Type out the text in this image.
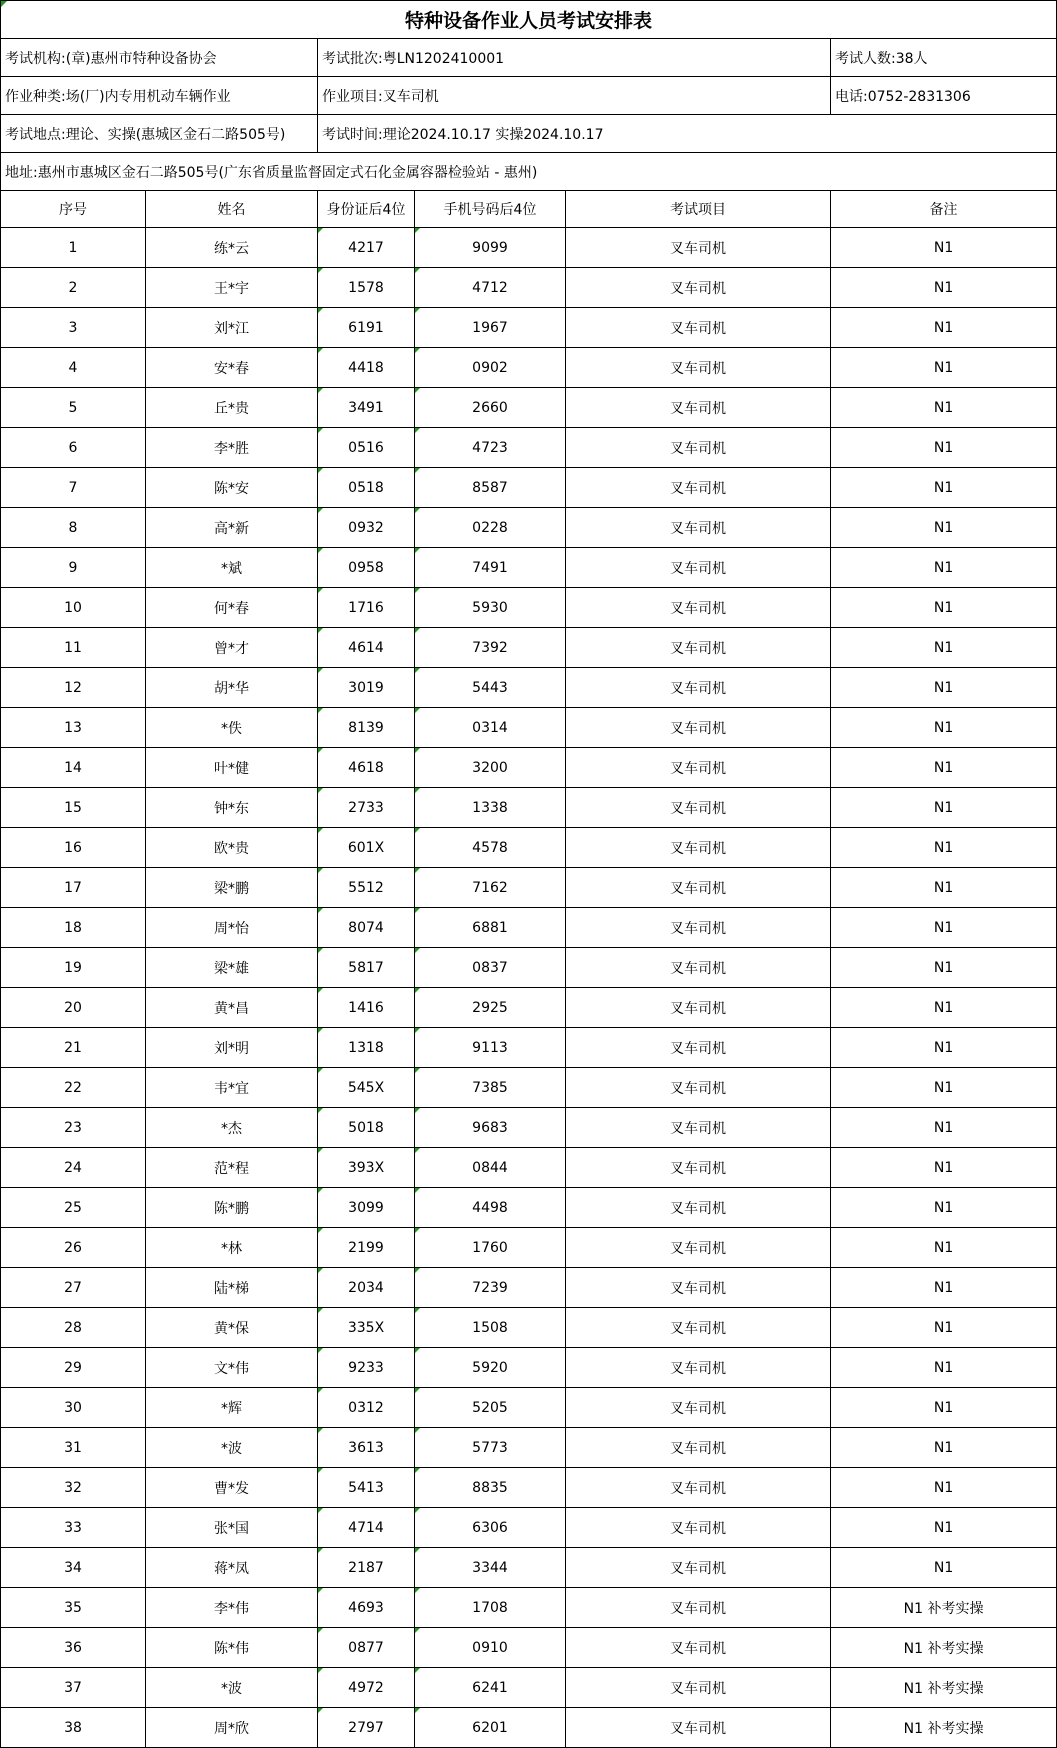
特种设备作业人员考试安排表					
考试机构:(章)惠州市特种设备协会		考试批次:粤LN1202410001			考试人数:38人
作业种类:场(厂)内专用机动车辆作业		作业项目:叉车司机			电话:0752-2831306
考试地点:理论、实操(惠城区金石二路505号)		考试时间:理论2024.10.17 实操2024.10.17			
地址:惠州市惠城区金石二路505号(广东省质量监督固定式石化金属容器检验站 - 惠州)					
序号	姓名	身份证后4位	手机号码后4位	考试项目	备注
1	练*云	4217	9099	叉车司机	N1
2	王*宇	1578	4712	叉车司机	N1
3	刘*江	6191	1967	叉车司机	N1
4	安*春	4418	0902	叉车司机	N1
5	丘*贵	3491	2660	叉车司机	N1
6	李*胜	0516	4723	叉车司机	N1
7	陈*安	0518	8587	叉车司机	N1
8	高*新	0932	0228	叉车司机	N1
9	*斌	0958	7491	叉车司机	N1
10	何*春	1716	5930	叉车司机	N1
11	曾*才	4614	7392	叉车司机	N1
12	胡*华	3019	5443	叉车司机	N1
13	*佚	8139	0314	叉车司机	N1
14	叶*健	4618	3200	叉车司机	N1
15	钟*东	2733	1338	叉车司机	N1
16	欧*贵	601X	4578	叉车司机	N1
17	梁*鹏	5512	7162	叉车司机	N1
18	周*怡	8074	6881	叉车司机	N1
19	梁*雄	5817	0837	叉车司机	N1
20	黄*昌	1416	2925	叉车司机	N1
21	刘*明	1318	9113	叉车司机	N1
22	韦*宜	545X	7385	叉车司机	N1
23	*杰	5018	9683	叉车司机	N1
24	范*程	393X	0844	叉车司机	N1
25	陈*鹏	3099	4498	叉车司机	N1
26	*林	2199	1760	叉车司机	N1
27	陆*梯	2034	7239	叉车司机	N1
28	黄*保	335X	1508	叉车司机	N1
29	文*伟	9233	5920	叉车司机	N1
30	*辉	0312	5205	叉车司机	N1
31	*波	3613	5773	叉车司机	N1
32	曹*发	5413	8835	叉车司机	N1
33	张*国	4714	6306	叉车司机	N1
34	蒋*凤	2187	3344	叉车司机	N1
35	李*伟	4693	1708	叉车司机	N1 补考实操
36	陈*伟	0877	0910	叉车司机	N1 补考实操
37	*波	4972	6241	叉车司机	N1 补考实操
38	周*欣	2797	6201	叉车司机	N1 补考实操
